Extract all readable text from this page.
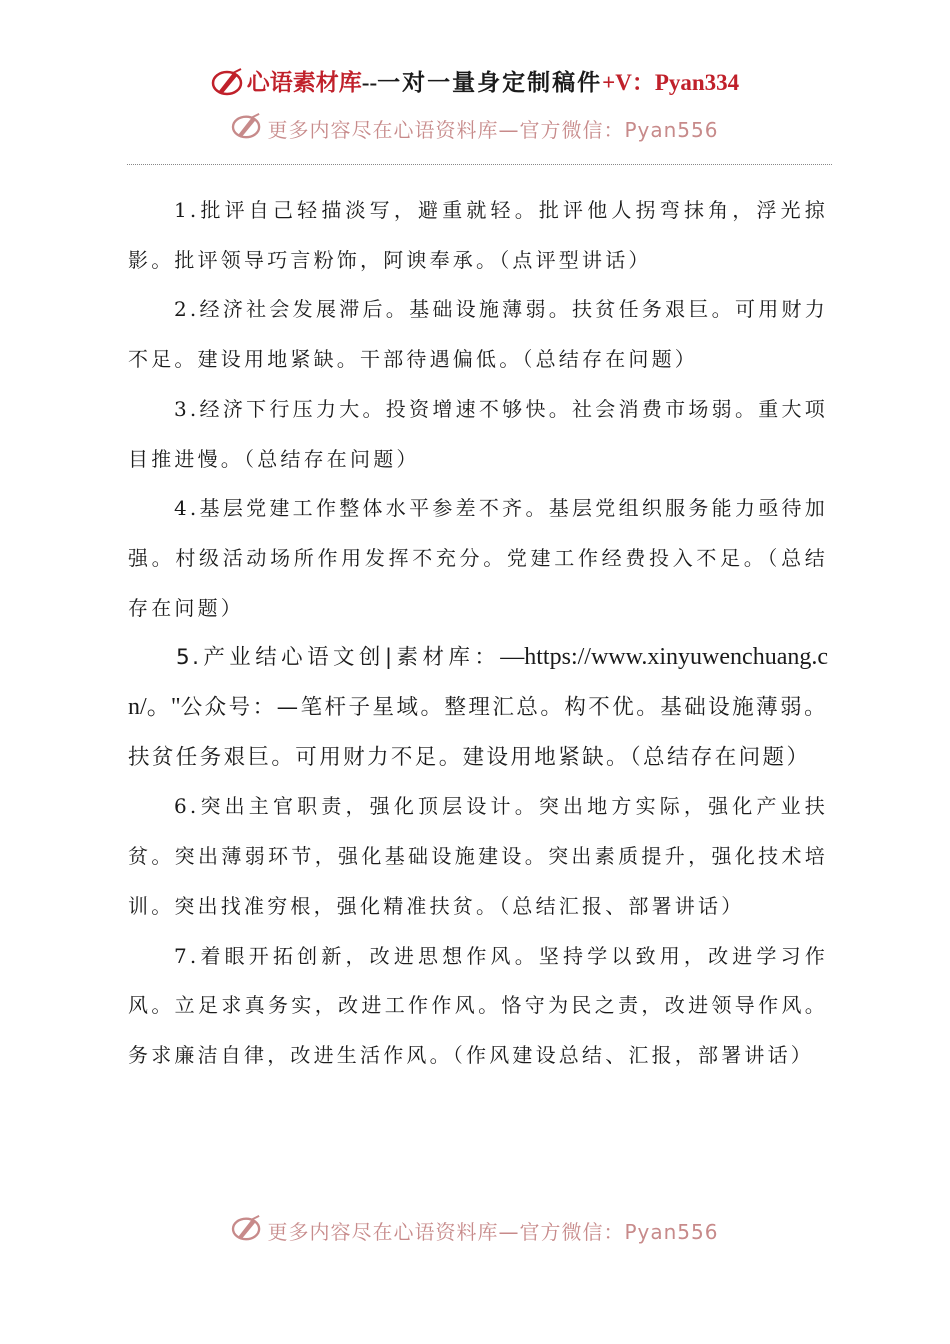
心语素材库--一对一量身定制稿件+V：Pyan334
更多内容尽在心语资料库—官方微信：Pyan556

1.批评自己轻描淡写，避重就轻。批评他人拐弯抹角，浮光掠影。批评领导巧言粉饰，阿谀奉承。（点评型讲话）

2.经济社会发展滞后。基础设施薄弱。扶贫任务艰巨。可用财力不足。建设用地紧缺。干部待遇偏低。（总结存在问题）

3.经济下行压力大。投资增速不够快。社会消费市场弱。重大项目推进慢。（总结存在问题）

4.基层党建工作整体水平参差不齐。基层党组织服务能力亟待加强。村级活动场所作用发挥不充分。党建工作经费投入不足。（总结存在问题）

5.产业结心语文创|素材库：—https://www.xinyuwenchuang.cn/。"公众号：—笔杆子星域。整理汇总。构不优。基础设施薄弱。扶贫任务艰巨。可用财力不足。建设用地紧缺。（总结存在问题）

6.突出主官职责，强化顶层设计。突出地方实际，强化产业扶贫。突出薄弱环节，强化基础设施建设。突出素质提升，强化技术培训。突出找准穷根，强化精准扶贫。（总结汇报、部署讲话）

7.着眼开拓创新，改进思想作风。坚持学以致用，改进学习作风。立足求真务实，改进工作作风。恪守为民之责，改进领导作风。务求廉洁自律，改进生活作风。（作风建设总结、汇报，部署讲话）

更多内容尽在心语资料库—官方微信：Pyan556
